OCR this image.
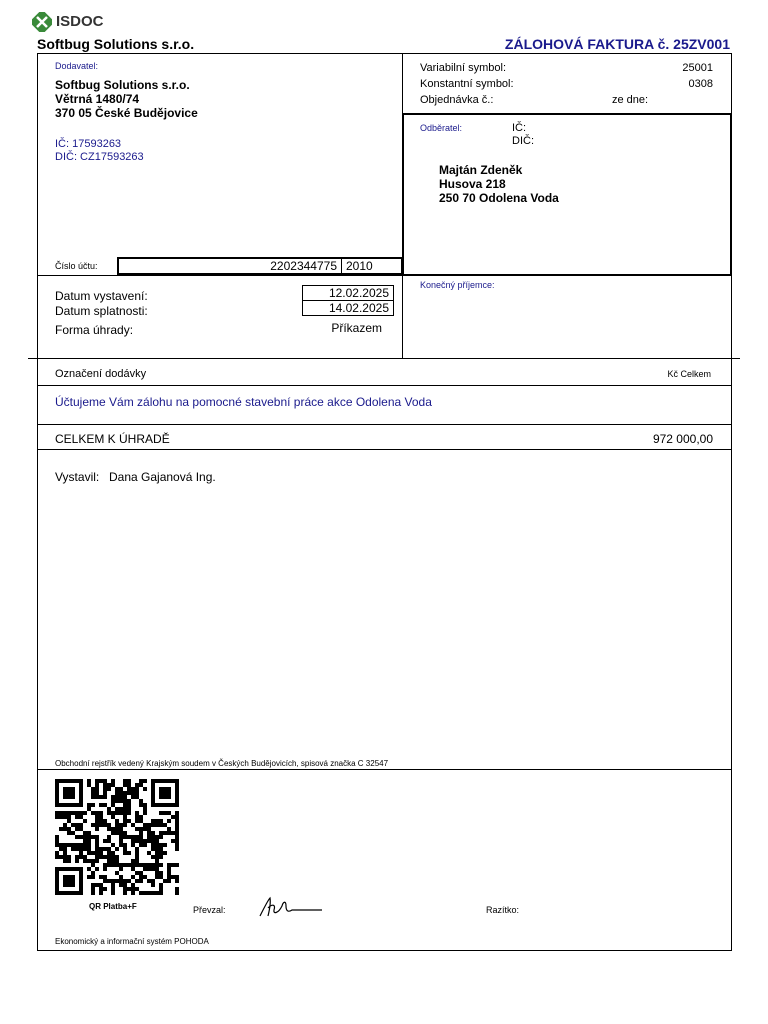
ISDOC
Softbug Solutions s.r.o.	ZÁLOHOVÁ FAKTURA č. 25ZV001
Dodavatel:
Softbug Solutions s.r.o.
Větrná 1480/74
370 05 České Budějovice
IČ: 17593263
DIČ: CZ17593263
Číslo účtu:	2202344775 2010
Variabilní symbol:	25001
Konstantní symbol:	0308
Objednávka č.:	ze dne:
Odběratel:	IČ:
DIČ:
Majtán Zdeněk
Husova 218
250 70 Odolena Voda
Datum vystavení:	12.02.2025
Datum splatnosti:	14.02.2025
Forma úhrady:	Příkazem
Konečný příjemce:
Označení dodávky	Kč Celkem
Účtujeme Vám zálohu na pomocné stavební práce akce Odolena Voda
CELKEM K ÚHRADĚ	972 000,00
Vystavil: Dana Gajanová Ing.
Obchodní rejstřík vedený Krajským soudem v Českých Budějovicích, spisová značka C 32547
QR Platba+F	Převzal:	Razítko:
Ekonomický a informační systém POHODA
